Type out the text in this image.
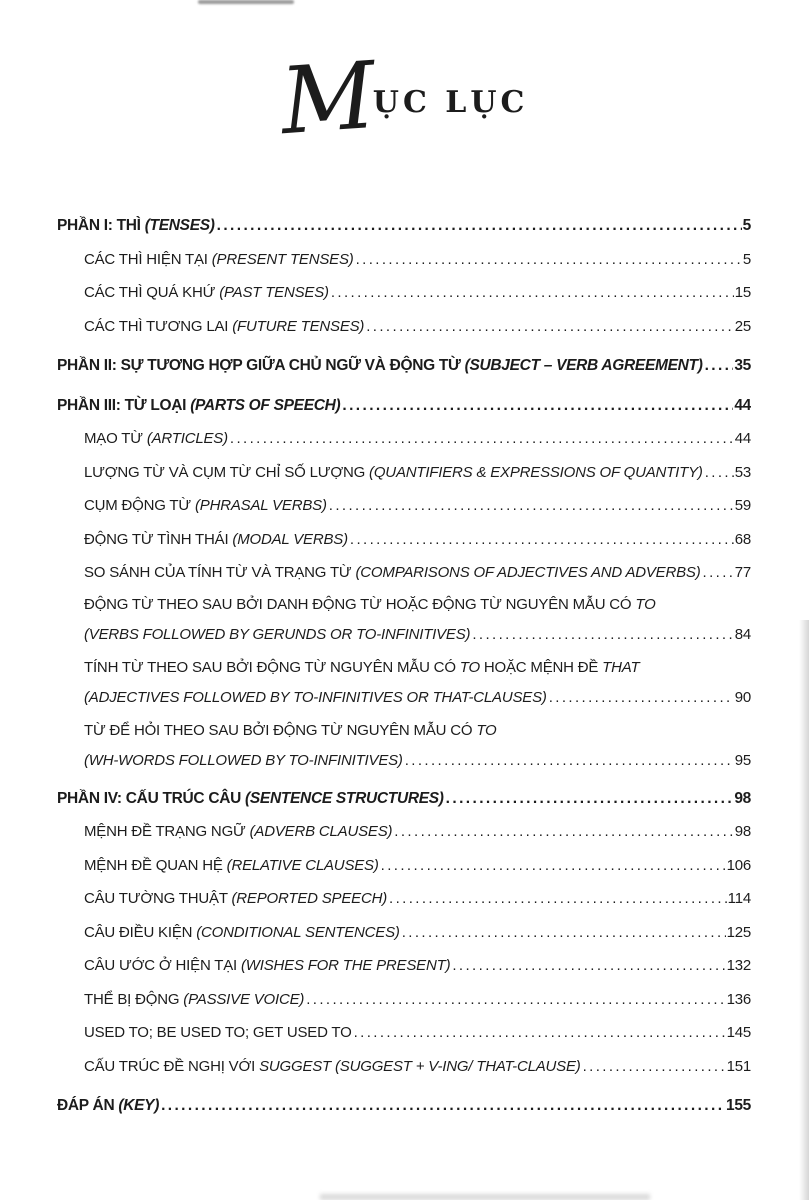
MỤC LỤC
PHẦN I: THÌ (TENSES) .....	5
CÁC THÌ HIỆN TẠI (PRESENT TENSES) .....	5
CÁC THÌ QUÁ KHỨ (PAST TENSES) .....	15
CÁC THÌ TƯƠNG LAI (FUTURE TENSES) .....	25
PHẦN II: SỰ TƯƠNG HỢP GIỮA CHỦ NGỮ VÀ ĐỘNG TỪ (SUBJECT – VERB AGREEMENT) ..... 35
PHẦN III: TỪ LOẠI (PARTS OF SPEECH) .....	44
MẠO TỪ (ARTICLES) .....	44
LƯỢNG TỪ VÀ CỤM TỪ CHỈ SỐ LƯỢNG (QUANTIFIERS & EXPRESSIONS OF QUANTITY) ..... 53
CỤM ĐỘNG TỪ (PHRASAL VERBS) .....	59
ĐỘNG TỪ TÌNH THÁI (MODAL VERBS) .....	68
SO SÁNH CỦA TÍNH TỪ VÀ TRẠNG TỪ (COMPARISONS OF ADJECTIVES AND ADVERBS) ..... 77
ĐỘNG TỪ THEO SAU BỞI DANH ĐỘNG TỪ HOẶC ĐỘNG TỪ NGUYÊN MẪU CÓ TO
(VERBS FOLLOWED BY GERUNDS OR TO-INFINITIVES) .....	84
TÍNH TỪ THEO SAU BỞI ĐỘNG TỪ NGUYÊN MẪU CÓ TO HOẶC MỆNH ĐỀ THAT
(ADJECTIVES FOLLOWED BY TO-INFINITIVES OR THAT-CLAUSES) .....	90
TỪ ĐỂ HỎI THEO SAU BỞI ĐỘNG TỪ NGUYÊN MẪU CÓ TO
(WH-WORDS FOLLOWED BY TO-INFINITIVES) .....	95
PHẦN IV: CẤU TRÚC CÂU (SENTENCE STRUCTURES) .....	98
MỆNH ĐỀ TRẠNG NGỮ (ADVERB CLAUSES) .....	98
MỆNH ĐỀ QUAN HỆ (RELATIVE CLAUSES) .....	106
CÂU TƯỜNG THUẬT (REPORTED SPEECH) .....	114
CÂU ĐIỀU KIỆN (CONDITIONAL SENTENCES) .....	125
CÂU ƯỚC Ở HIỆN TẠI (WISHES FOR THE PRESENT) .....	132
THỂ BỊ ĐỘNG (PASSIVE VOICE) .....	136
USED TO; BE USED TO; GET USED TO .....	145
CẤU TRÚC ĐỀ NGHỊ VỚI SUGGEST (SUGGEST + V-ING/ THAT-CLAUSE) .....	151
ĐÁP ÁN (KEY) .....	155
